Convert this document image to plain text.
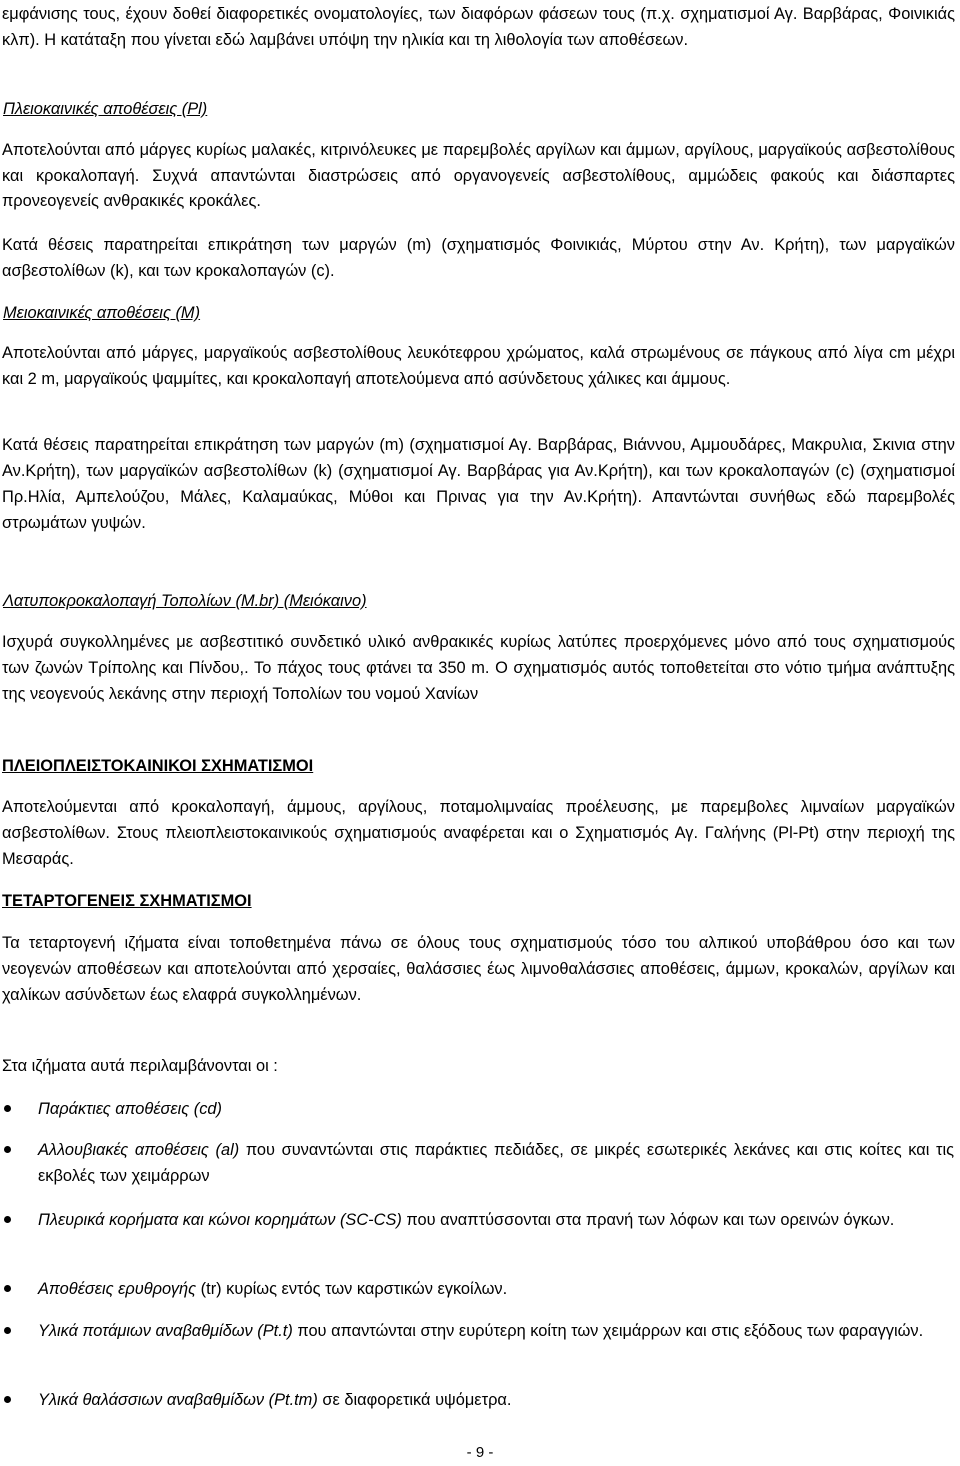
εμφάνισης τους, έχουν δοθεί διαφορετικές ονοματολογίες, των διαφόρων φάσεων τους (π.χ. σχηματισμοί Αγ. Βαρβάρας, Φοινικιάς κλπ). Η κατάταξη που γίνεται εδώ λαμβάνει υπόψη την ηλικία και τη λιθολογία των αποθέσεων.

Πλειοκαινικές αποθέσεις (Pl)

Αποτελούνται από μάργες κυρίως μαλακές, κιτρινόλευκες με παρεμβολές αργίλων και άμμων, αργίλους, μαργαϊκούς ασβεστολίθους και κροκαλοπαγή. Συχνά απαντώνται διαστρώσεις από οργανογενείς ασβεστολίθους, αμμώδεις φακούς και διάσπαρτες προνεογενείς ανθρακικές κροκάλες.

Κατά θέσεις παρατηρείται επικράτηση των μαργών (m) (σχηματισμός Φοινικιάς, Μύρτου στην Αν. Κρήτη), των μαργαϊκών ασβεστολίθων (k), και των κροκαλοπαγών (c).

Μειοκαινικές αποθέσεις (M)

Αποτελούνται από μάργες, μαργαϊκούς ασβεστολίθους λευκότεφρου χρώματος, καλά στρωμένους σε πάγκους από λίγα cm μέχρι και 2 m, μαργαϊκούς ψαμμίτες, και κροκαλοπαγή αποτελούμενα από ασύνδετους χάλικες και άμμους.

Κατά θέσεις παρατηρείται επικράτηση των μαργών (m) (σχηματισμοί Αγ. Βαρβάρας, Βιάννου, Αμμουδάρες, Μακρυλια, Σκινια στην Αν.Κρήτη), των μαργαϊκών ασβεστολίθων (k) (σχηματισμοί Αγ. Βαρβάρας για Αν.Κρήτη), και των κροκαλοπαγών (c) (σχηματισμοί Πρ.Ηλία, Αμπελούζου, Μάλες, Καλαμαύκας, Μύθοι και Πρινας για την Αν.Κρήτη). Απαντώνται συνήθως εδώ παρεμβολές στρωμάτων γυψών.

Λατυποκροκαλοπαγή Τοπολίων (M.br) (Μειόκαινο)

Ισχυρά συγκολλημένες με ασβεστιτικό συνδετικό υλικό ανθρακικές κυρίως λατύπες προερχόμενες μόνο από τους σχηματισμούς των ζωνών Τρίπολης και Πίνδου,. Το πάχος τους φτάνει τα 350 m. Ο σχηματισμός αυτός τοποθετείται στο νότιο τμήμα ανάπτυξης της νεογενούς λεκάνης στην περιοχή Τοπολίων του νομού Χανίων

ΠΛΕΙΟΠΛΕΙΣΤΟΚΑΙΝΙΚΟΙ ΣΧΗΜΑΤΙΣΜΟΙ

Αποτελούμενται από κροκαλοπαγή, άμμους, αργίλους, ποταμολιμναίας προέλευσης, με παρεμβολες λιμναίων μαργαϊκών ασβεστολίθων. Στους πλειοπλειστοκαινικούς σχηματισμούς αναφέρεται και ο Σχηματισμός Αγ. Γαλήνης (Pl-Pt) στην περιοχή της Μεσαράς.

ΤΕΤΑΡΤΟΓΕΝΕΙΣ ΣΧΗΜΑΤΙΣΜΟΙ

Τα τεταρτογενή ιζήματα είναι τοποθετημένα πάνω σε όλους τους σχηματισμούς τόσο του αλπικού υποβάθρου όσο και των νεογενών αποθέσεων και αποτελούνται από χερσαίες, θαλάσσιες έως λιμνοθαλάσσιες αποθέσεις, άμμων, κροκαλών, αργίλων και χαλίκων ασύνδετων έως ελαφρά συγκολλημένων.

Στα ιζήματα αυτά περιλαμβάνονται οι :

Παράκτιες αποθέσεις (cd)

Αλλουβιακές αποθέσεις (al) που συναντώνται στις παράκτιες πεδιάδες, σε μικρές εσωτερικές λεκάνες και στις κοίτες και τις εκβολές των χειμάρρων

Πλευρικά κορήματα και κώνοι κορημάτων (SC-CS) που αναπτύσσονται στα πρανή των λόφων και των ορεινών όγκων.

Αποθέσεις ερυθρογής (tr) κυρίως εντός των καρστικών εγκοίλων.

Υλικά ποτάμιων αναβαθμίδων (Pt.t) που απαντώνται στην ευρύτερη κοίτη των χειμάρρων και στις εξόδους των φαραγγιών.

Υλικά θαλάσσιων αναβαθμίδων (Pt.tm) σε διαφορετικά υψόμετρα.

- 9 -
